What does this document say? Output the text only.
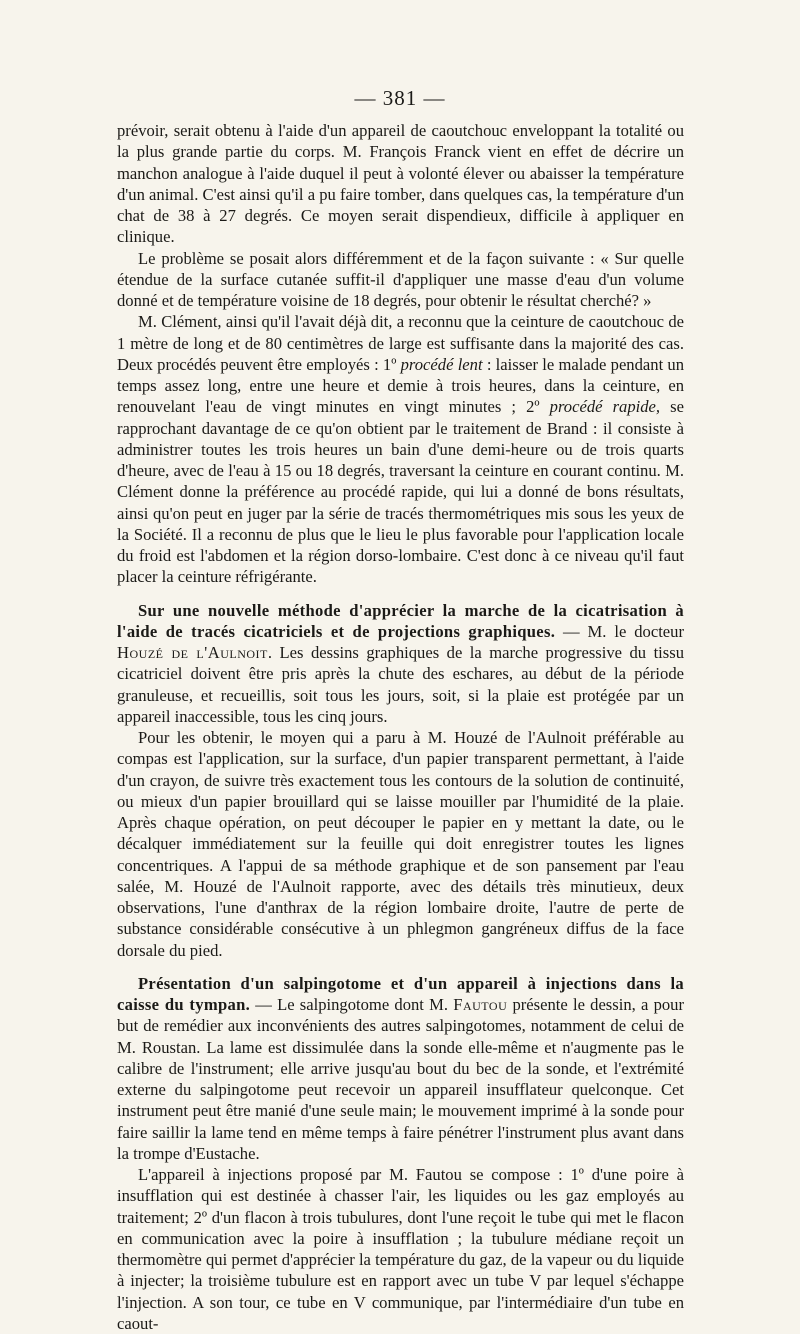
— 381 —

prévoir, serait obtenu à l'aide d'un appareil de caoutchouc enveloppant la totalité ou la plus grande partie du corps. M. François Franck vient en effet de décrire un manchon analogue à l'aide duquel il peut à volonté élever ou abaisser la température d'un animal. C'est ainsi qu'il a pu faire tomber, dans quelques cas, la température d'un chat de 38 à 27 degrés. Ce moyen serait dispendieux, difficile à appliquer en clinique.

Le problème se posait alors différemment et de la façon suivante : « Sur quelle étendue de la surface cutanée suffit-il d'appliquer une masse d'eau d'un volume donné et de température voisine de 18 degrés, pour obtenir le résultat cherché? »

M. Clément, ainsi qu'il l'avait déjà dit, a reconnu que la ceinture de caoutchouc de 1 mètre de long et de 80 centimètres de large est suffisante dans la majorité des cas. Deux procédés peuvent être employés : 1º procédé lent : laisser le malade pendant un temps assez long, entre une heure et demie à trois heures, dans la ceinture, en renouvelant l'eau de vingt minutes en vingt minutes ; 2º procédé rapide, se rapprochant davantage de ce qu'on obtient par le traitement de Brand : il consiste à administrer toutes les trois heures un bain d'une demi-heure ou de trois quarts d'heure, avec de l'eau à 15 ou 18 degrés, traversant la ceinture en courant continu. M. Clément donne la préférence au procédé rapide, qui lui a donné de bons résultats, ainsi qu'on peut en juger par la série de tracés thermométriques mis sous les yeux de la Société. Il a reconnu de plus que le lieu le plus favorable pour l'application locale du froid est l'abdomen et la région dorso-lombaire. C'est donc à ce niveau qu'il faut placer la ceinture réfrigérante.

Sur une nouvelle méthode d'apprécier la marche de la cicatrisation à l'aide de tracés cicatriciels et de projections graphiques. — M. le docteur Houzé de l'Aulnoit. Les dessins graphiques de la marche progressive du tissu cicatriciel doivent être pris après la chute des eschares, au début de la période granuleuse, et recueillis, soit tous les jours, soit, si la plaie est protégée par un appareil inaccessible, tous les cinq jours.

Pour les obtenir, le moyen qui a paru à M. Houzé de l'Aulnoit préférable au compas est l'application, sur la surface, d'un papier transparent permettant, à l'aide d'un crayon, de suivre très exactement tous les contours de la solution de continuité, ou mieux d'un papier brouillard qui se laisse mouiller par l'humidité de la plaie. Après chaque opération, on peut découper le papier en y mettant la date, ou le décalquer immédiatement sur la feuille qui doit enregistrer toutes les lignes concentriques. A l'appui de sa méthode graphique et de son pansement par l'eau salée, M. Houzé de l'Aulnoit rapporte, avec des détails très minutieux, deux observations, l'une d'anthrax de la région lombaire droite, l'autre de perte de substance considérable consécutive à un phlegmon gangréneux diffus de la face dorsale du pied.

Présentation d'un salpingotome et d'un appareil à injections dans la caisse du tympan. — Le salpingotome dont M. Fautou présente le dessin, a pour but de remédier aux inconvénients des autres salpingotomes, notamment de celui de M. Roustan. La lame est dissimulée dans la sonde elle-même et n'augmente pas le calibre de l'instrument; elle arrive jusqu'au bout du bec de la sonde, et l'extrémité externe du salpingotome peut recevoir un appareil insufflateur quelconque. Cet instrument peut être manié d'une seule main; le mouvement imprimé à la sonde pour faire saillir la lame tend en même temps à faire pénétrer l'instrument plus avant dans la trompe d'Eustache.

L'appareil à injections proposé par M. Fautou se compose : 1º d'une poire à insufflation qui est destinée à chasser l'air, les liquides ou les gaz employés au traitement; 2º d'un flacon à trois tubulures, dont l'une reçoit le tube qui met le flacon en communication avec la poire à insufflation ; la tubulure médiane reçoit un thermomètre qui permet d'apprécier la température du gaz, de la vapeur ou du liquide à injecter; la troisième tubulure est en rapport avec un tube V par lequel s'échappe l'injection. A son tour, ce tube en V communique, par l'intermédiaire d'un tube en caout-
